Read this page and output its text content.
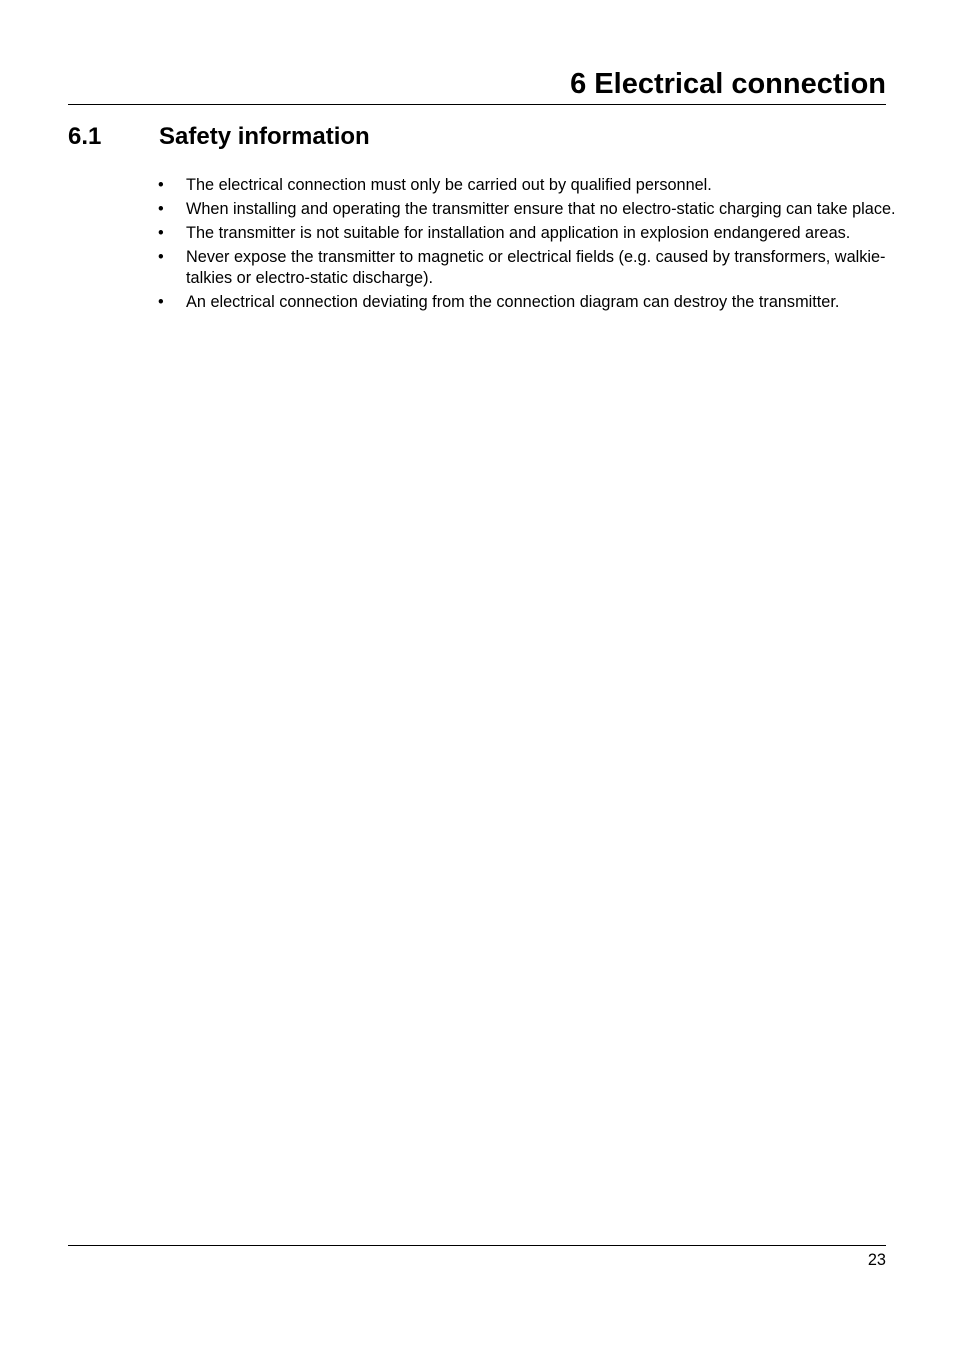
6 Electrical connection
6.1 Safety information
• The electrical connection must only be carried out by qualified personnel.
• When installing and operating the transmitter ensure that no electro-static charging can take place.
• The transmitter is not suitable for installation and application in explosion endangered areas.
• Never expose the transmitter to magnetic or electrical fields (e.g. caused by transformers, walkie-talkies or electro-static discharge).
• An electrical connection deviating from the connection diagram can destroy the transmitter.
23
